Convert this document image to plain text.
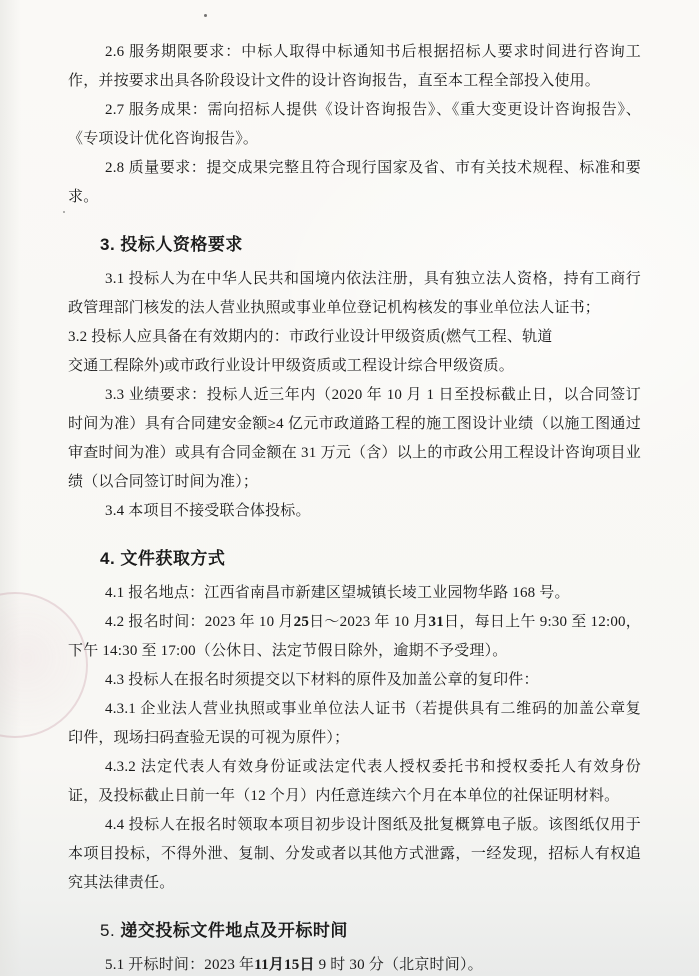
2.6 服务期限要求：中标人取得中标通知书后根据招标人要求时间进行咨询工作，并按要求出具各阶段设计文件的设计咨询报告，直至本工程全部投入使用。

2.7 服务成果：需向招标人提供《设计咨询报告》、《重大变更设计咨询报告》、《专项设计优化咨询报告》。

2.8 质量要求：提交成果完整且符合现行国家及省、市有关技术规程、标准和要求。

3. 投标人资格要求

3.1 投标人为在中华人民共和国境内依法注册，具有独立法人资格，持有工商行政管理部门核发的法人营业执照或事业单位登记机构核发的事业单位法人证书；

3.2 投标人应具备在有效期内的：市政行业设计甲级资质(燃气工程、轨道

交通工程除外)或市政行业设计甲级资质或工程设计综合甲级资质。

3.3 业绩要求：投标人近三年内（2020 年 10 月 1 日至投标截止日，以合同签订时间为准）具有合同建安金额≥4 亿元市政道路工程的施工图设计业绩（以施工图通过审查时间为准）或具有合同金额在 31 万元（含）以上的市政公用工程设计咨询项目业绩（以合同签订时间为准）；

3.4 本项目不接受联合体投标。

4. 文件获取方式

4.1 报名地点：江西省南昌市新建区望城镇长堎工业园物华路 168 号。

4.2 报名时间：2023 年 10 月25日～2023 年 10 月31日，每日上午 9:30 至 12:00，下午 14:30 至 17:00（公休日、法定节假日除外，逾期不予受理）。

4.3 投标人在报名时须提交以下材料的原件及加盖公章的复印件：

4.3.1 企业法人营业执照或事业单位法人证书（若提供具有二维码的加盖公章复印件，现场扫码查验无误的可视为原件）；

4.3.2 法定代表人有效身份证或法定代表人授权委托书和授权委托人有效身份证，及投标截止日前一年（12 个月）内任意连续六个月在本单位的社保证明材料。

4.4 投标人在报名时领取本项目初步设计图纸及批复概算电子版。该图纸仅用于本项目投标，不得外泄、复制、分发或者以其他方式泄露，一经发现，招标人有权追究其法律责任。

5. 递交投标文件地点及开标时间

5.1 开标时间：2023 年11月15日 9 时 30 分（北京时间）。
